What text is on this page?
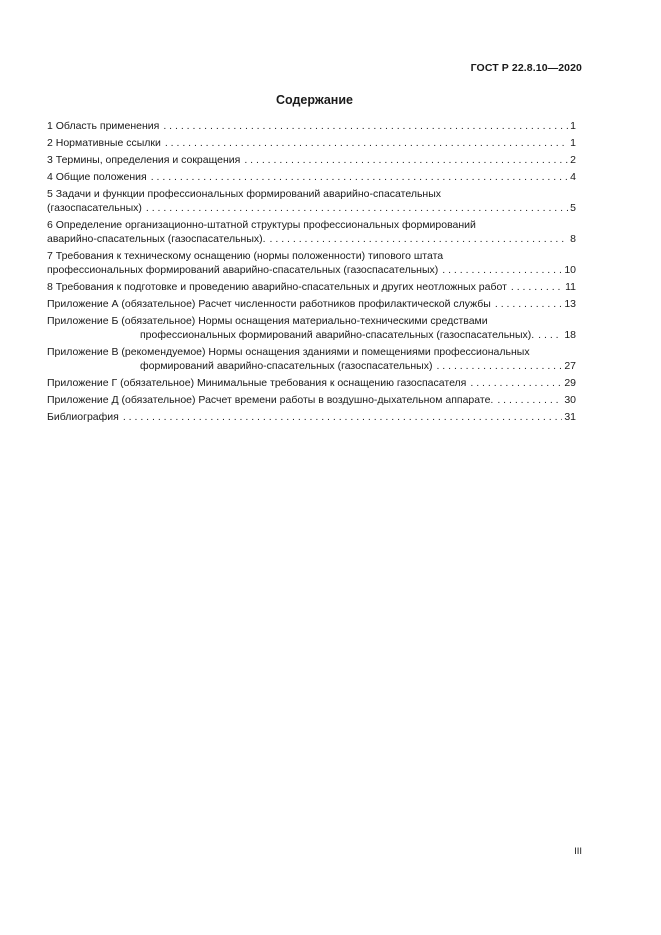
ГОСТ Р 22.8.10—2020
Содержание
1 Область применения . . .	1
2 Нормативные ссылки . . .	1
3 Термины, определения и сокращения . . .	2
4 Общие положения . . .	4
5 Задачи и функции профессиональных формирований аварийно-спасательных
(газоспасательных) . . .	5
6 Определение организационно-штатной структуры профессиональных формирований
аварийно-спасательных (газоспасательных). . . .	8
7 Требования к техническому оснащению (нормы положенности) типового штата
профессиональных формирований аварийно-спасательных (газоспасательных) . . .	10
8 Требования к подготовке и проведению аварийно-спасательных и других неотложных работ . . .	11
Приложение А (обязательное) Расчет численности работников профилактической службы . . .	13
Приложение Б (обязательное) Нормы оснащения материально-техническими средствами
профессиональных формирований аварийно-спасательных (газоспасательных). . . .	18
Приложение В (рекомендуемое) Нормы оснащения зданиями и помещениями профессиональных
формирований аварийно-спасательных (газоспасательных) . . .	27
Приложение Г (обязательное) Минимальные требования к оснащению газоспасателя . . .	29
Приложение Д (обязательное) Расчет времени работы в воздушно-дыхательном аппарате. . . .	30
Библиография . . .	31
III
